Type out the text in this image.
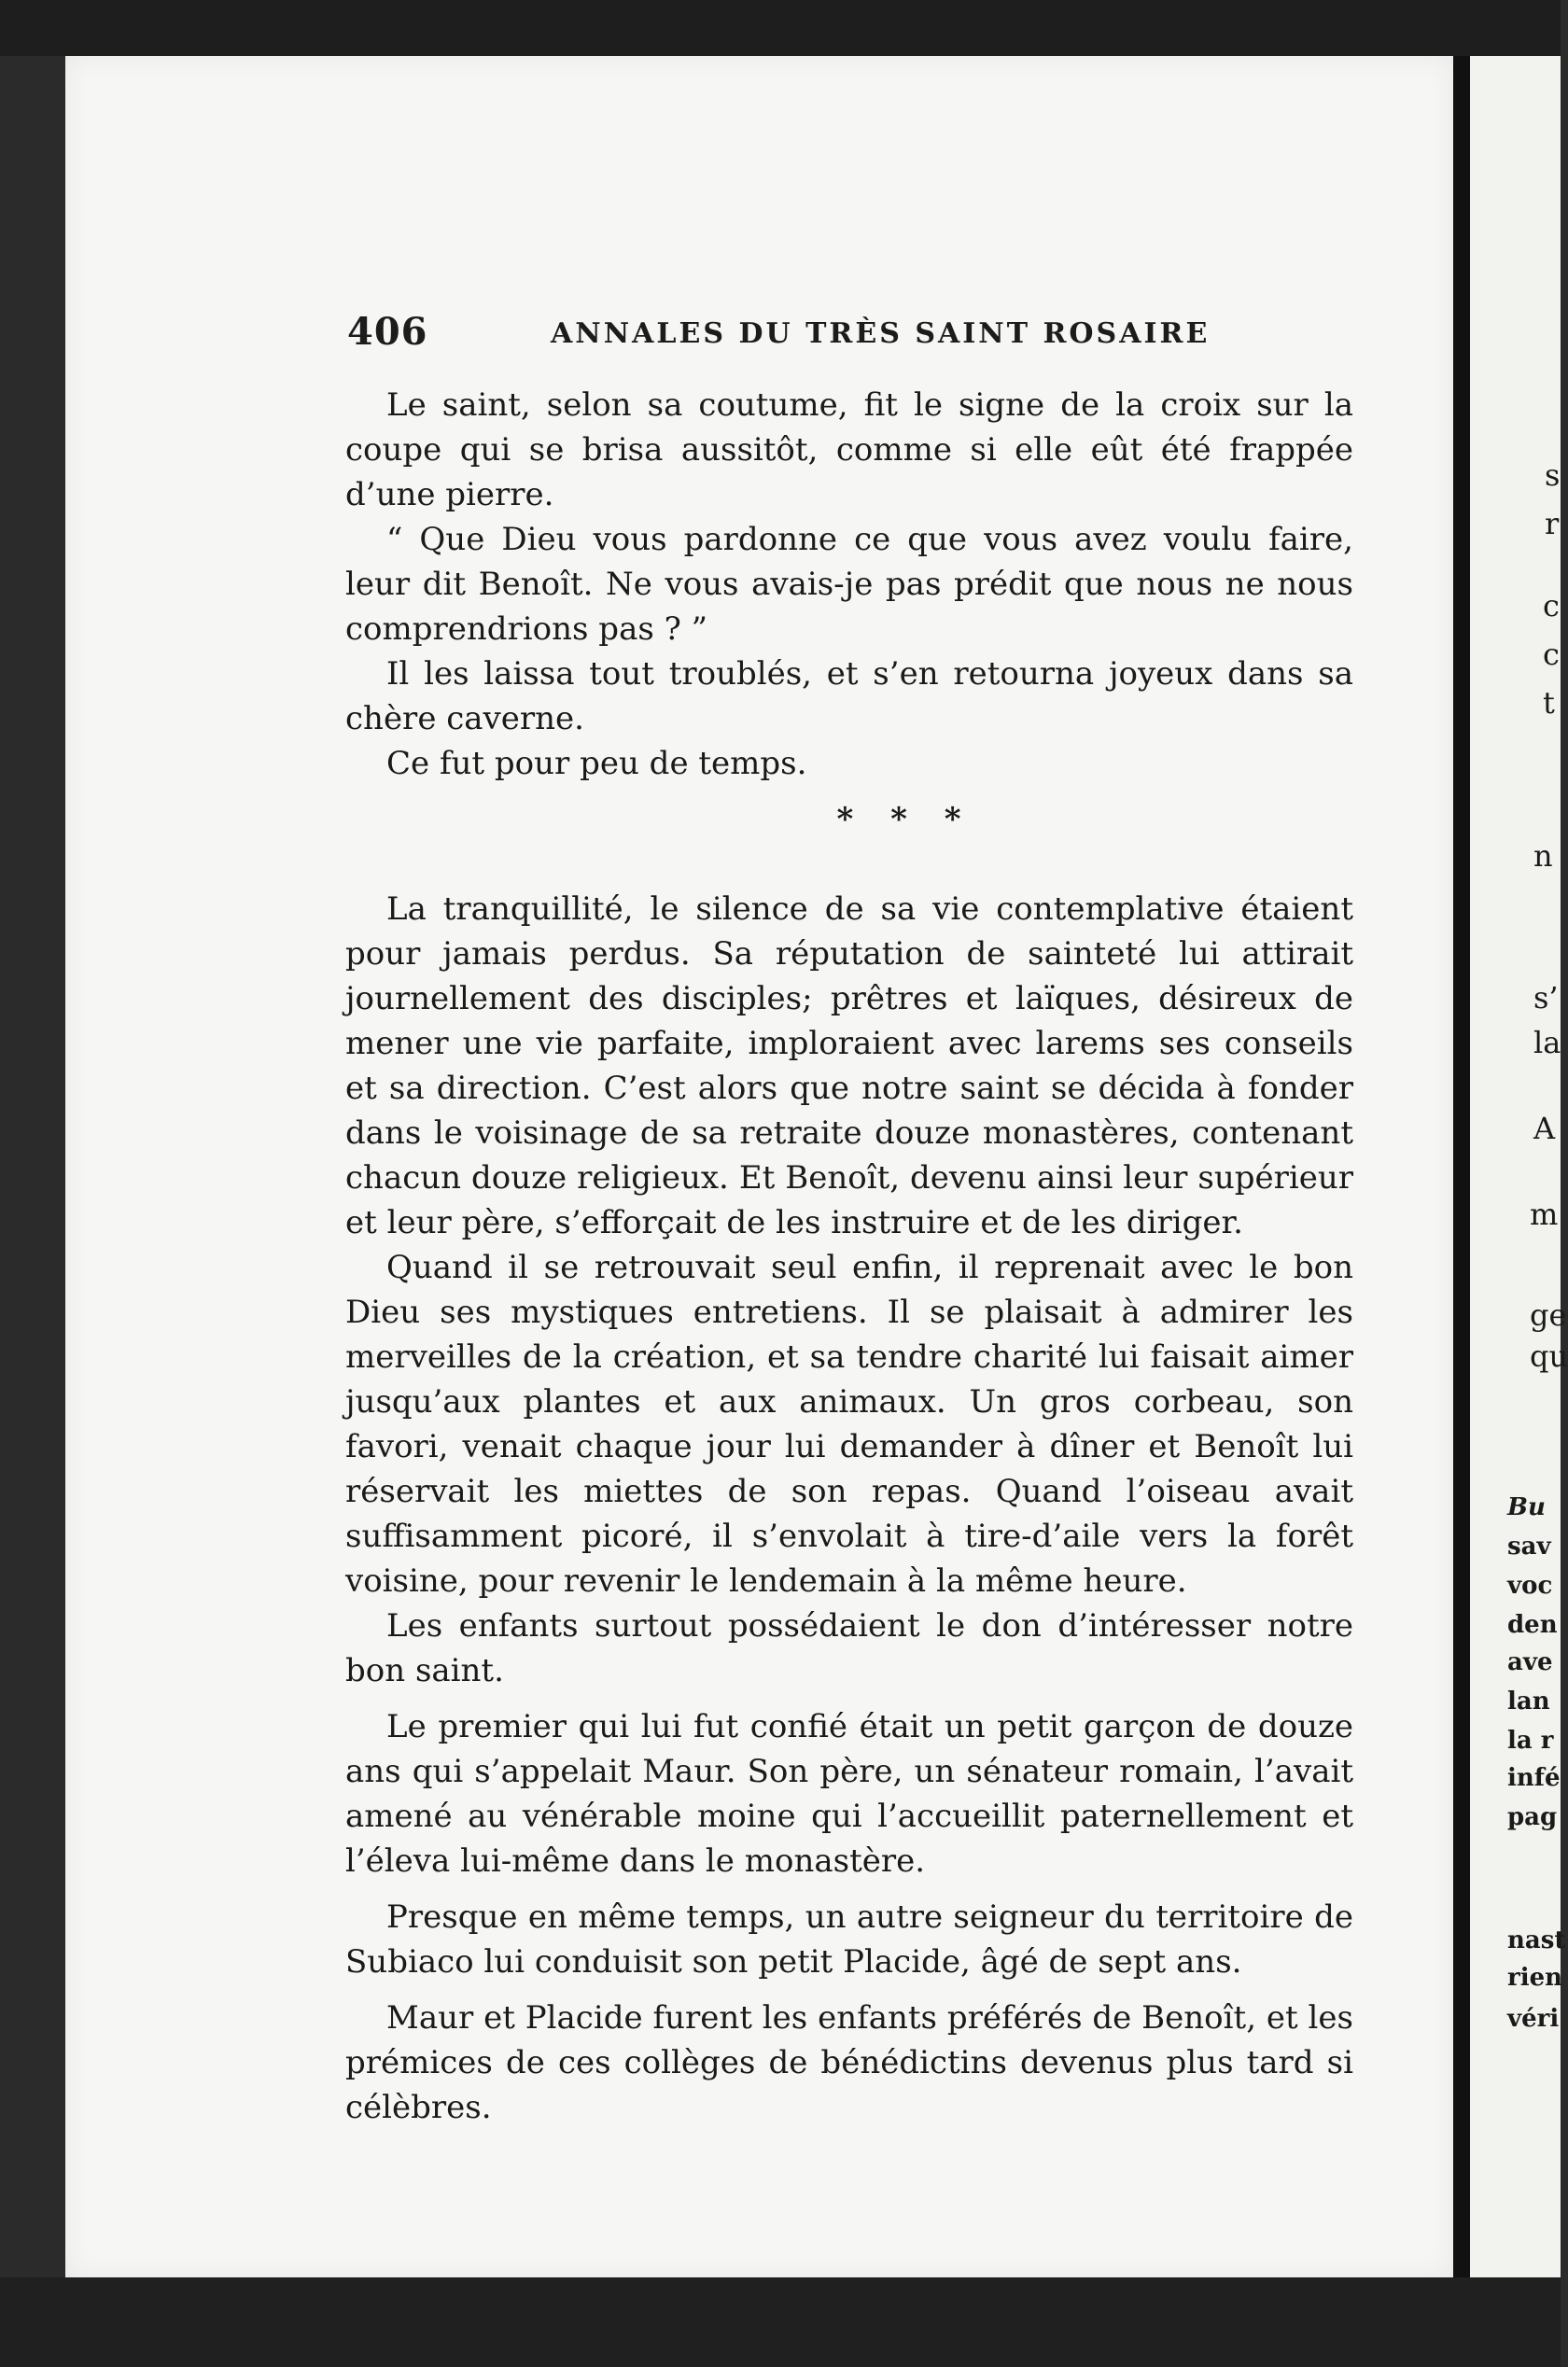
406	ANNALES DU TRÈS SAINT ROSAIRE

Le saint, selon sa coutume, fit le signe de la croix sur la coupe qui se brisa aussitôt, comme si elle eût été frappée d’une pierre.

“ Que Dieu vous pardonne ce que vous avez voulu faire, leur dit Benoît. Ne vous avais-je pas prédit que nous ne nous comprendrions pas ? ”

Il les laissa tout troublés, et s’en retourna joyeux dans sa chère caverne.

Ce fut pour peu de temps.

* * *

La tranquillité, le silence de sa vie contemplative étaient pour jamais perdus. Sa réputation de sainteté lui attirait journellement des disciples; prêtres et laïques, désireux de mener une vie parfaite, imploraient avec larems ses conseils et sa direction. C’est alors que notre saint se décida à fonder dans le voisinage de sa retraite douze monastères, contenant chacun douze religieux. Et Benoît, devenu ainsi leur supérieur et leur père, s’efforçait de les instruire et de les diriger.

Quand il se retrouvait seul enfin, il reprenait avec le bon Dieu ses mystiques entretiens. Il se plaisait à admirer les merveilles de la création, et sa tendre charité lui faisait aimer jusqu’aux plantes et aux animaux. Un gros corbeau, son favori, venait chaque jour lui demander à dîner et Benoît lui réservait les miettes de son repas. Quand l’oiseau avait suffisamment picoré, il s’envolait à tire-d’aile vers la forêt voisine, pour revenir le lendemain à la même heure.

Les enfants surtout possédaient le don d’intéresser notre bon saint.

Le premier qui lui fut confié était un petit garçon de douze ans qui s’appelait Maur. Son père, un sénateur romain, l’avait amené au vénérable moine qui l’accueillit paternellement et l’éleva lui-même dans le monastère.

Presque en même temps, un autre seigneur du territoire de Subiaco lui conduisit son petit Placide, âgé de sept ans.

Maur et Placide furent les enfants préférés de Benoît, et les prémices de ces collèges de bénédictins devenus plus tard si célèbres.

s
r
c
c
t
n
s’
la
A
m
ge
qu
Bu
sav
voc
den
ave
lan
la r
infé
pag
nast
rien
véri
